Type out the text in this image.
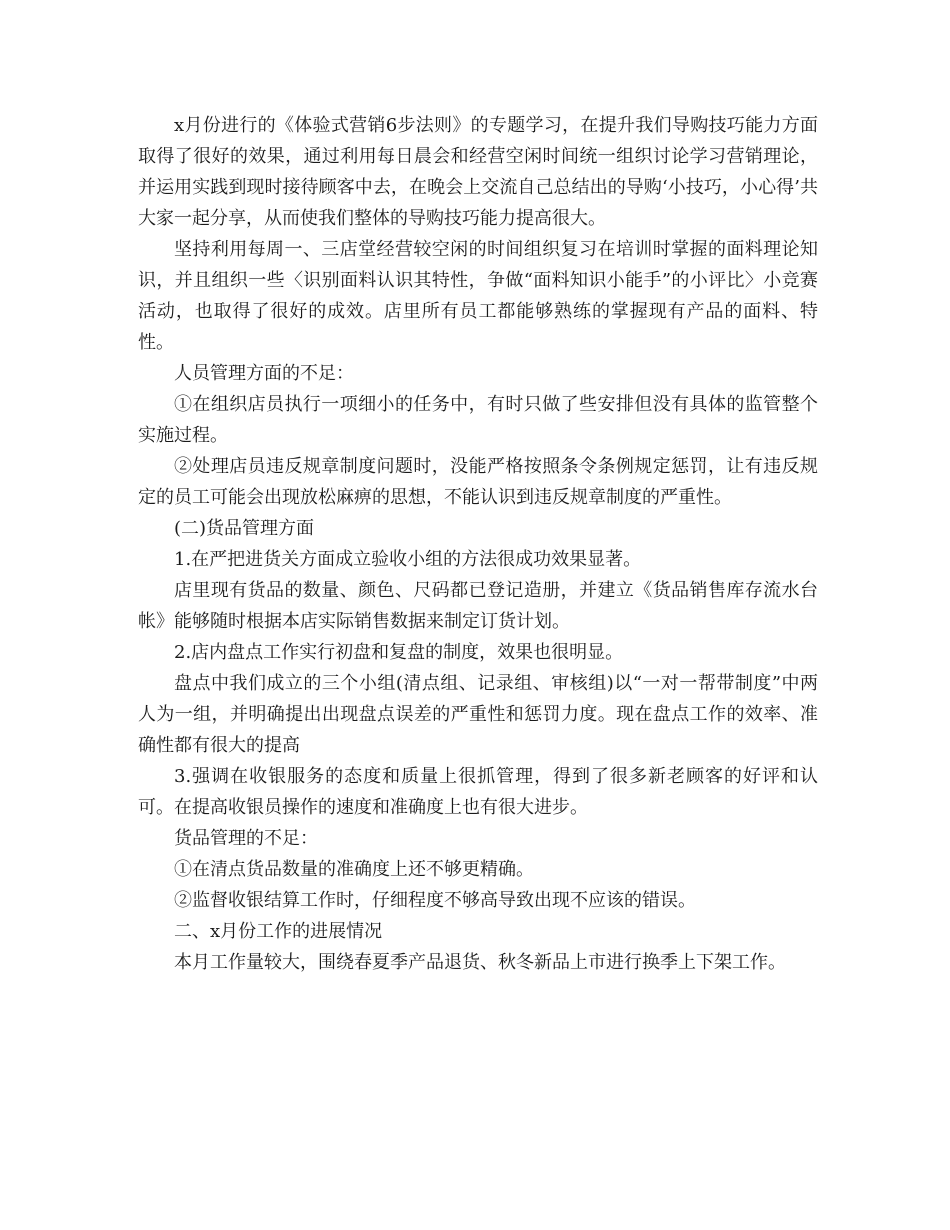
x月份进行的《体验式营销6步法则》的专题学习，在提升我们导购技巧能力方面取得了很好的效果，通过利用每日晨会和经营空闲时间统一组织讨论学习营销理论，并运用实践到现时接待顾客中去，在晚会上交流自己总结出的导购‘小技巧，小心得’共大家一起分享，从而使我们整体的导购技巧能力提高很大。

坚持利用每周一、三店堂经营较空闲的时间组织复习在培训时掌握的面料理论知识，并且组织一些〈识别面料认识其特性，争做“面料知识小能手”的小评比〉小竞赛活动，也取得了很好的成效。店里所有员工都能够熟练的掌握现有产品的面料、特性。

人员管理方面的不足：

①在组织店员执行一项细小的任务中，有时只做了些安排但没有具体的监管整个实施过程。

②处理店员违反规章制度问题时，没能严格按照条令条例规定惩罚，让有违反规定的员工可能会出现放松麻痹的思想，不能认识到违反规章制度的严重性。

(二)货品管理方面

1.在严把进货关方面成立验收小组的方法很成功效果显著。

店里现有货品的数量、颜色、尺码都已登记造册，并建立《货品销售库存流水台帐》能够随时根据本店实际销售数据来制定订货计划。

2.店内盘点工作实行初盘和复盘的制度，效果也很明显。

盘点中我们成立的三个小组(清点组、记录组、审核组)以“一对一帮带制度”中两人为一组，并明确提出出现盘点误差的严重性和惩罚力度。现在盘点工作的效率、准确性都有很大的提高

3.强调在收银服务的态度和质量上很抓管理，得到了很多新老顾客的好评和认可。在提高收银员操作的速度和准确度上也有很大进步。

货品管理的不足：

①在清点货品数量的准确度上还不够更精确。

②监督收银结算工作时，仔细程度不够高导致出现不应该的错误。

二、x月份工作的进展情况

本月工作量较大，围绕春夏季产品退货、秋冬新品上市进行换季上下架工作。
